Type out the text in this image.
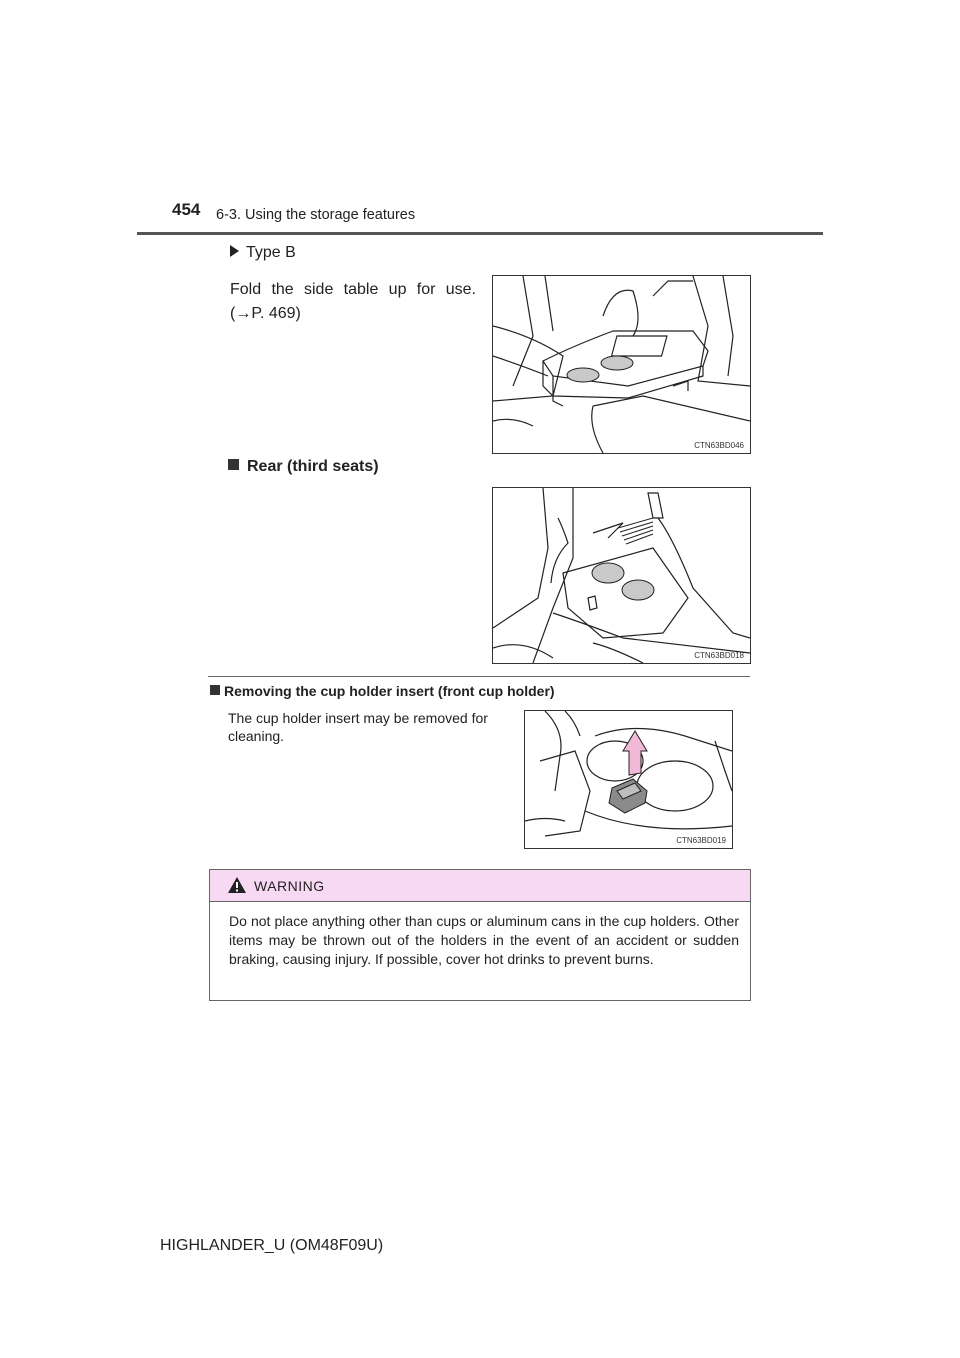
454 6-3. Using the storage features
Type B
Fold the side table up for use. (→P. 469)
CTN63BD046
Rear (third seats)
CTN63BD018
Removing the cup holder insert (front cup holder)
The cup holder insert may be removed for cleaning.
CTN63BD019
WARNING
Do not place anything other than cups or aluminum cans in the cup holders. Other items may be thrown out of the holders in the event of an accident or sudden braking, causing injury. If possible, cover hot drinks to prevent burns.
HIGHLANDER_U (OM48F09U)
